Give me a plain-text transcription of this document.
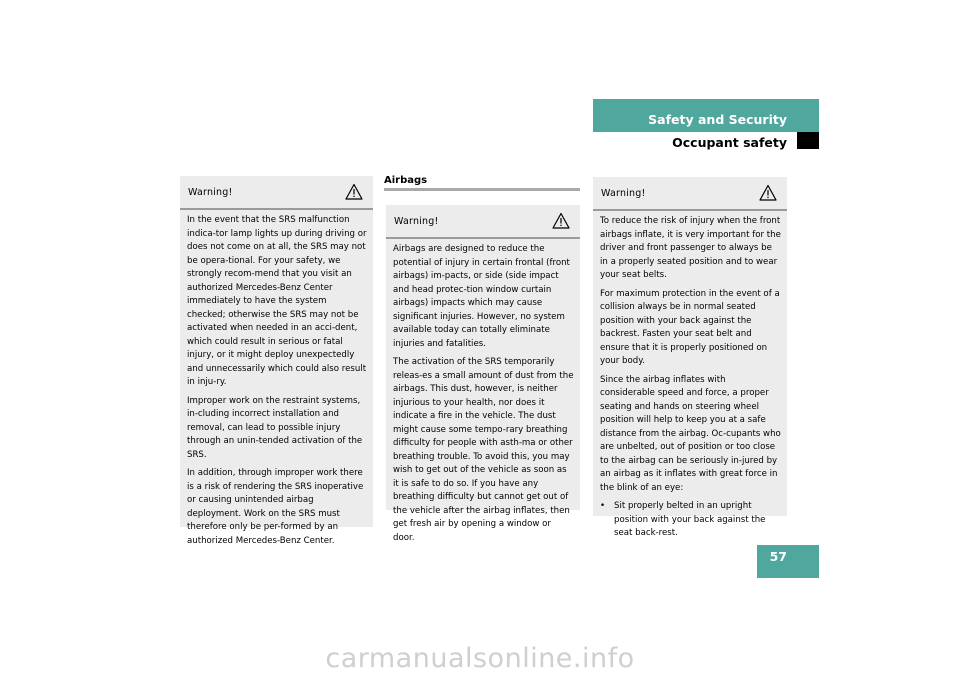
Safety and Security
Occupant safety
Airbags
Warning!

In the event that the SRS malfunction indica-tor lamp lights up during driving or does not come on at all, the SRS may not be opera-tional. For your safety, we strongly recom-mend that you visit an authorized Mercedes-Benz Center immediately to have the system checked; otherwise the SRS may not be activated when needed in an acci-dent, which could result in serious or fatal injury, or it might deploy unexpectedly and unnecessarily which could also result in inju-ry.

Improper work on the restraint systems, in-cluding incorrect installation and removal, can lead to possible injury through an unin-tended activation of the SRS.

In addition, through improper work there is a risk of rendering the SRS inoperative or causing unintended airbag deployment. Work on the SRS must therefore only be per-formed by an authorized Mercedes-Benz Center.

Warning!

Airbags are designed to reduce the potential of injury in certain frontal (front airbags) im-pacts, or side (side impact and head protec-tion window curtain airbags) impacts which may cause significant injuries. However, no system available today can totally eliminate injuries and fatalities.

The activation of the SRS temporarily releas-es a small amount of dust from the airbags. This dust, however, is neither injurious to your health, nor does it indicate a fire in the vehicle. The dust might cause some tempo-rary breathing difficulty for people with asth-ma or other breathing trouble. To avoid this, you may wish to get out of the vehicle as soon as it is safe to do so. If you have any breathing difficulty but cannot get out of the vehicle after the airbag inflates, then get fresh air by opening a window or door.

Warning!

To reduce the risk of injury when the front airbags inflate, it is very important for the driver and front passenger to always be in a properly seated position and to wear your seat belts.

For maximum protection in the event of a collision always be in normal seated position with your back against the backrest. Fasten your seat belt and ensure that it is properly positioned on your body.

Since the airbag inflates with considerable speed and force, a proper seating and hands on steering wheel position will help to keep you at a safe distance from the airbag. Oc-cupants who are unbelted, out of position or too close to the airbag can be seriously in-jured by an airbag as it inflates with great force in the blink of an eye:

•	Sit properly belted in an upright position with your back against the seat back-rest.
57
carmanualsonline.info
